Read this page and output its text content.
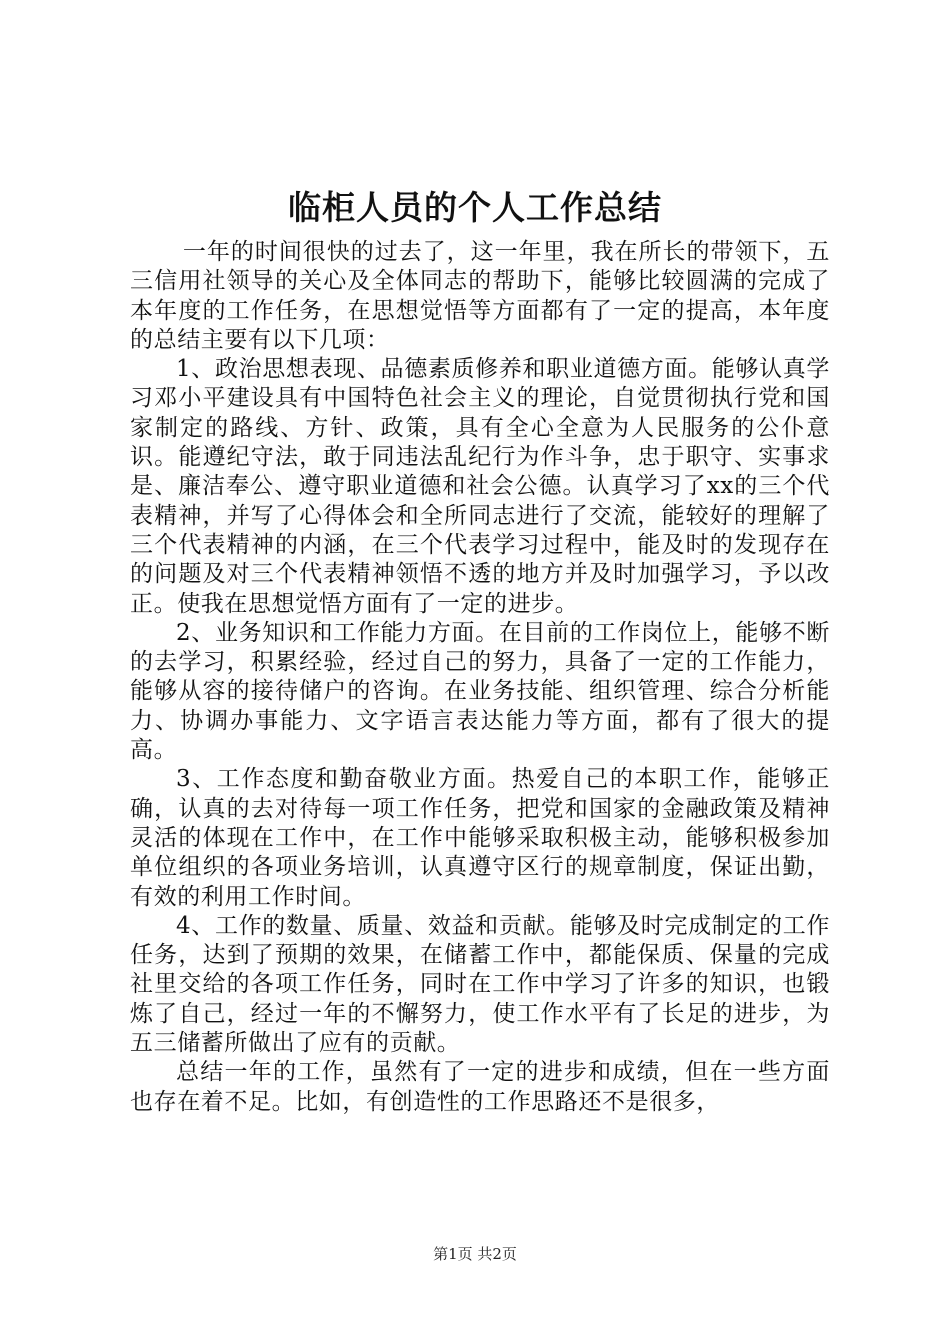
临柜人员的个人工作总结

一年的时间很快的过去了，这一年里，我在所长的带领下，五三信用社领导的关心及全体同志的帮助下，能够比较圆满的完成了本年度的工作任务，在思想觉悟等方面都有了一定的提高，本年度的总结主要有以下几项：

1、政治思想表现、品德素质修养和职业道德方面。能够认真学习邓小平建设具有中国特色社会主义的理论，自觉贯彻执行党和国家制定的路线、方针、政策，具有全心全意为人民服务的公仆意识。能遵纪守法，敢于同违法乱纪行为作斗争，忠于职守、实事求是、廉洁奉公、遵守职业道德和社会公德。认真学习了xx的三个代表精神，并写了心得体会和全所同志进行了交流，能较好的理解了三个代表精神的内涵，在三个代表学习过程中，能及时的发现存在的问题及对三个代表精神领悟不透的地方并及时加强学习，予以改正。使我在思想觉悟方面有了一定的进步。

2、业务知识和工作能力方面。在目前的工作岗位上，能够不断的去学习，积累经验，经过自己的努力，具备了一定的工作能力，能够从容的接待储户的咨询。在业务技能、组织管理、综合分析能力、协调办事能力、文字语言表达能力等方面，都有了很大的提高。

3、工作态度和勤奋敬业方面。热爱自己的本职工作，能够正确，认真的去对待每一项工作任务，把党和国家的金融政策及精神灵活的体现在工作中，在工作中能够采取积极主动，能够积极参加单位组织的各项业务培训，认真遵守区行的规章制度，保证出勤，有效的利用工作时间。

4、工作的数量、质量、效益和贡献。能够及时完成制定的工作任务，达到了预期的效果，在储蓄工作中，都能保质、保量的完成社里交给的各项工作任务，同时在工作中学习了许多的知识，也锻炼了自己，经过一年的不懈努力，使工作水平有了长足的进步，为五三储蓄所做出了应有的贡献。

总结一年的工作，虽然有了一定的进步和成绩，但在一些方面也存在着不足。比如，有创造性的工作思路还不是很多，

第1页 共2页
